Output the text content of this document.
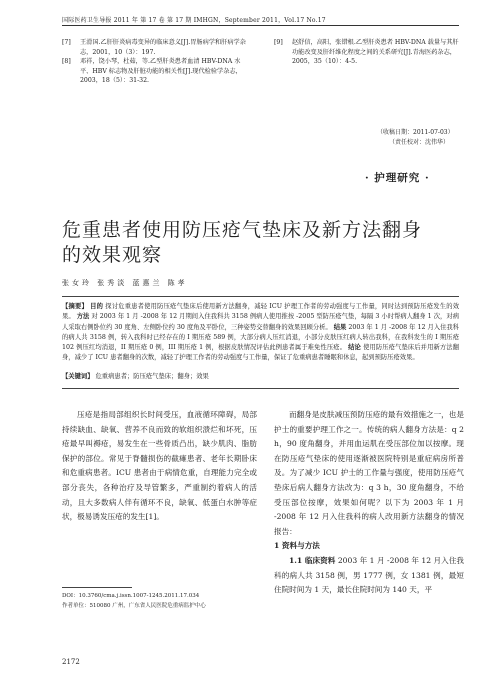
国际医药卫生导报 2011 年 第 17 卷 第 17 期 IMHGN，September 2011，Vol.17 No.17
[7]	王滑国.乙肝肝炎病毒变异的临床意义[J].胃肠病学和肝病学杂志，2001，10（3）：197.
[8]	邓祥，饶小琴，杜茹，等.乙型肝炎患者血清 HBV-DNA 水平、HBV 标志物及肝脏功能的相关性[J].现代检验学杂志，2003，18（5）：31-32.
[9]	赵舒信，高阳，张错根.乙型肝炎患者 HBV-DNA 载量与其肝功能改变及肝纤维化程度之间的关系研究[J].青海医药杂志，2005，35（10）：4-5.
（收稿日期：2011-07-03）
（责任校对：沈伟华）
· 护理研究 ·
危重患者使用防压疮气垫床及新方法翻身
的效果观察
张女玲 张秀淡 蓝惠兰 陈孝
【摘要】 目的 探讨危重患者使用防压疮气垫床后使用新方法翻身，减轻 ICU 护理工作者的劳动强度与工作量，同时达到预防压疮发生的效果。 方法 对 2003 年 1 月 -2008 年 12 月期间入住我科共 3158 例病人使用推按 -2005 型防压疮气垫，每隔 3 小时帮病人翻身 1 次，对病人采取右侧卧位约 30 度角、左侧卧位约 30 度角及平卧位，三种姿势交替翻身的效果回顾分析。 结果 2003 年 1 月 -2008 年 12 月入住我科的病人共 3158 例，转入我科时已经存在的 I 期压疮 589 例，大部分病人压红消退，小部分皮肤压红病人转出我科，在我科发生的 I 期压疮 102 例压红均消退，II 期压疮 0 例，III 期压疮 1 例，根据皮肤情况评估此例患者属于难免性压疮。 结论 使用防压疮气垫床后并用新方法翻身，减少了 ICU 患者翻身的次数，减轻了护理工作者的劳动强度与工作量，保证了危重病患者睡眠和休息，起到预防压疮效果。
【关键词】 危重病患者；防压疮气垫床；翻身；效果
压疮是指局部组织长时间受压，血液循环障碍，局部持续缺血、缺氧、营养不良而致的软组织溃烂和坏死，压疮最早叫褥疮，易发生在一些骨质凸出，缺少肌肉、脂肪保护的部位。常见于脊髓损伤的截瘫患者、老年长期卧床和危重病患者。ICU 患者由于病情危重，自理能力完全或部分丧失，各种治疗及导管繁多，严重制约着病人的活动，且大多数病人伴有循环不良，缺氧、低蛋白水肿等症状，极易诱发压疮的发生[1]。

而翻身是皮肤减压预防压疮的最有效措施之一，也是护士的重要护理工作之一。传统的病人翻身方法是：q 2 h，90 度角翻身，并用血运肌在受压部位加以按摩。现在防压疮气垫床的使用逐渐被医院特别是重症病房所普及。为了减少 ICU 护士的工作量与强度，使用防压疮气垫床后病人翻身方法改为：q 3 h，30 度角翻身，不给受压部位按摩，效果如何呢？以下为 2003 年 1 月 -2008 年 12 月入住我科的病人改用新方法翻身的情况报告：

1 资料与方法

1.1 临床资料 2003 年 1 月 -2008 年 12 月入住我科的病人共 3158 例，男 1777 例，女 1381 例，最短住院时间为 1 天，最长住院时间为 140 天，平

DOI：10.3760/cma.j.issn.1007-1245.2011.17.034
作者单位：510080 广州，广东省人民医院危重病监护中心
2172
